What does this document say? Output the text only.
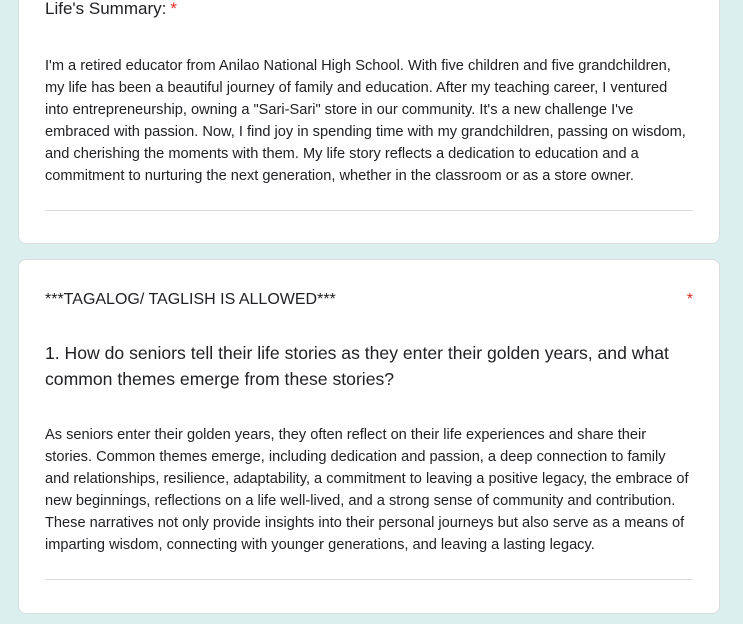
Life's Summary: *
I'm a retired educator from Anilao National High School. With five children and five grandchildren, my life has been a beautiful journey of family and education. After my teaching career, I ventured into entrepreneurship, owning a "Sari-Sari" store in our community. It's a new challenge I've embraced with passion. Now, I find joy in spending time with my grandchildren, passing on wisdom, and cherishing the moments with them. My life story reflects a dedication to education and a commitment to nurturing the next generation, whether in the classroom or as a store owner.
***TAGALOG/ TAGLISH IS ALLOWED***	*
1. How do seniors tell their life stories as they enter their golden years, and what common themes emerge from these stories?
As seniors enter their golden years, they often reflect on their life experiences and share their stories. Common themes emerge, including dedication and passion, a deep connection to family and relationships, resilience, adaptability, a commitment to leaving a positive legacy, the embrace of new beginnings, reflections on a life well-lived, and a strong sense of community and contribution. These narratives not only provide insights into their personal journeys but also serve as a means of imparting wisdom, connecting with younger generations, and leaving a lasting legacy.
